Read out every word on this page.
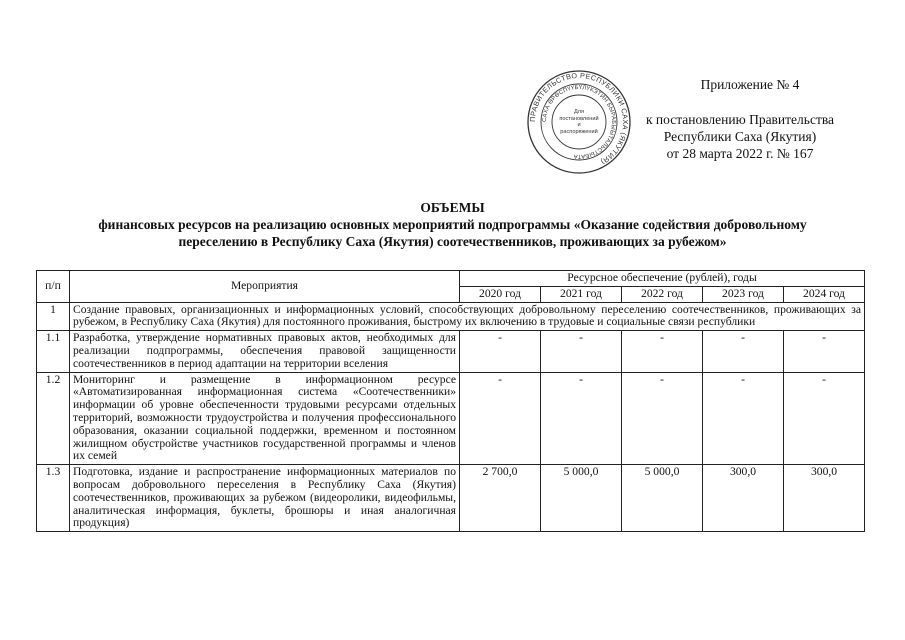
ПРАВИТЕЛЬСТВО РЕСПУБЛИКИ САХА (ЯКУТИЯ)
САХА ӨРӨСПҮҮБҮЛҮКЭТИН БЫРАБЫЫТАЛЬСТЫБАТА
Для постановлений и распоряжений
Приложение № 4
к постановлению Правительства
Республики Саха (Якутия)
от 28 марта 2022 г. № 167
ОБЪЕМЫ
финансовых ресурсов на реализацию основных мероприятий подпрограммы «Оказание содействия добровольному
переселению в Республику Саха (Якутия) соотечественников, проживающих за рубежом»
п/п	Мероприятия	Ресурсное обеспечение (рублей), годы				
		2020 год	2021 год	2022 год	2023 год	2024 год
1	Создание правовых, организационных и информационных условий, способствующих добровольному переселению соотечественников, проживающих за рубежом, в Республику Саха (Якутия) для постоянного проживания, быстрому их включению в трудовые и социальные связи республики					
1.1	Разработка, утверждение нормативных правовых актов, необходимых для реализации подпрограммы, обеспечения правовой защищенности соотечественников в период адаптации на территории вселения	-	-	-	-	-
1.2	Мониторинг и размещение в информационном ресурсе «Автоматизированная информационная система «Соотечественники» информации об уровне обеспеченности трудовыми ресурсами отдельных территорий, возможности трудоустройства и получения профессионального образования, оказании социальной поддержки, временном и постоянном жилищном обустройстве участников государственной программы и членов их семей	-	-	-	-	-
1.3	Подготовка, издание и распространение информационных материалов по вопросам добровольного переселения в Республику Саха (Якутия) соотечественников, проживающих за рубежом (видеоролики, видеофильмы, аналитическая информация, буклеты, брошюры и иная аналогичная продукция)	2 700,0	5 000,0	5 000,0	300,0	300,0
